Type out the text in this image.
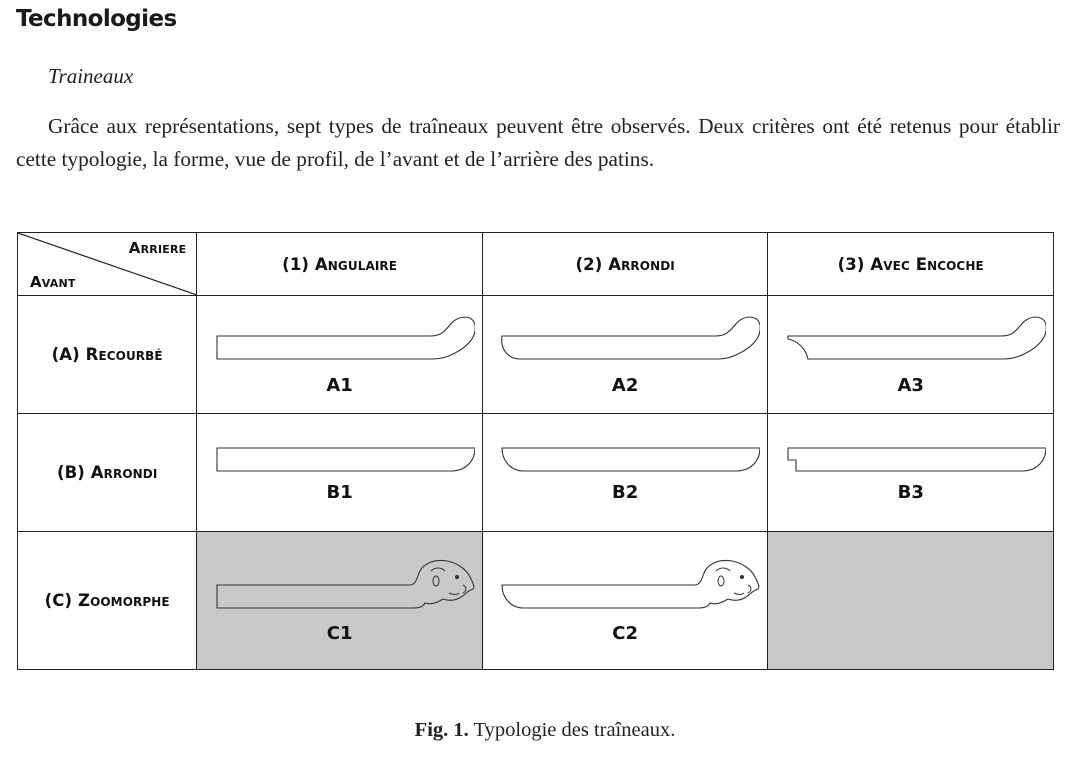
Technologies
Traineaux

Grâce aux représentations, sept types de traîneaux peuvent être observés. Deux critères ont été retenus pour établir cette typologie, la forme, vue de profil, de l’avant et de l’arrière des patins.

Arriere
Avant	(1) Angulaire	(2) Arrondi	(3) Avec Encoche
(A) Recourbé	A1	A2	A3

(B) Arrondi	B1	B2	B3

(C) Zoomorphe	C1	C2	

Fig. 1. Typologie des traîneaux.
